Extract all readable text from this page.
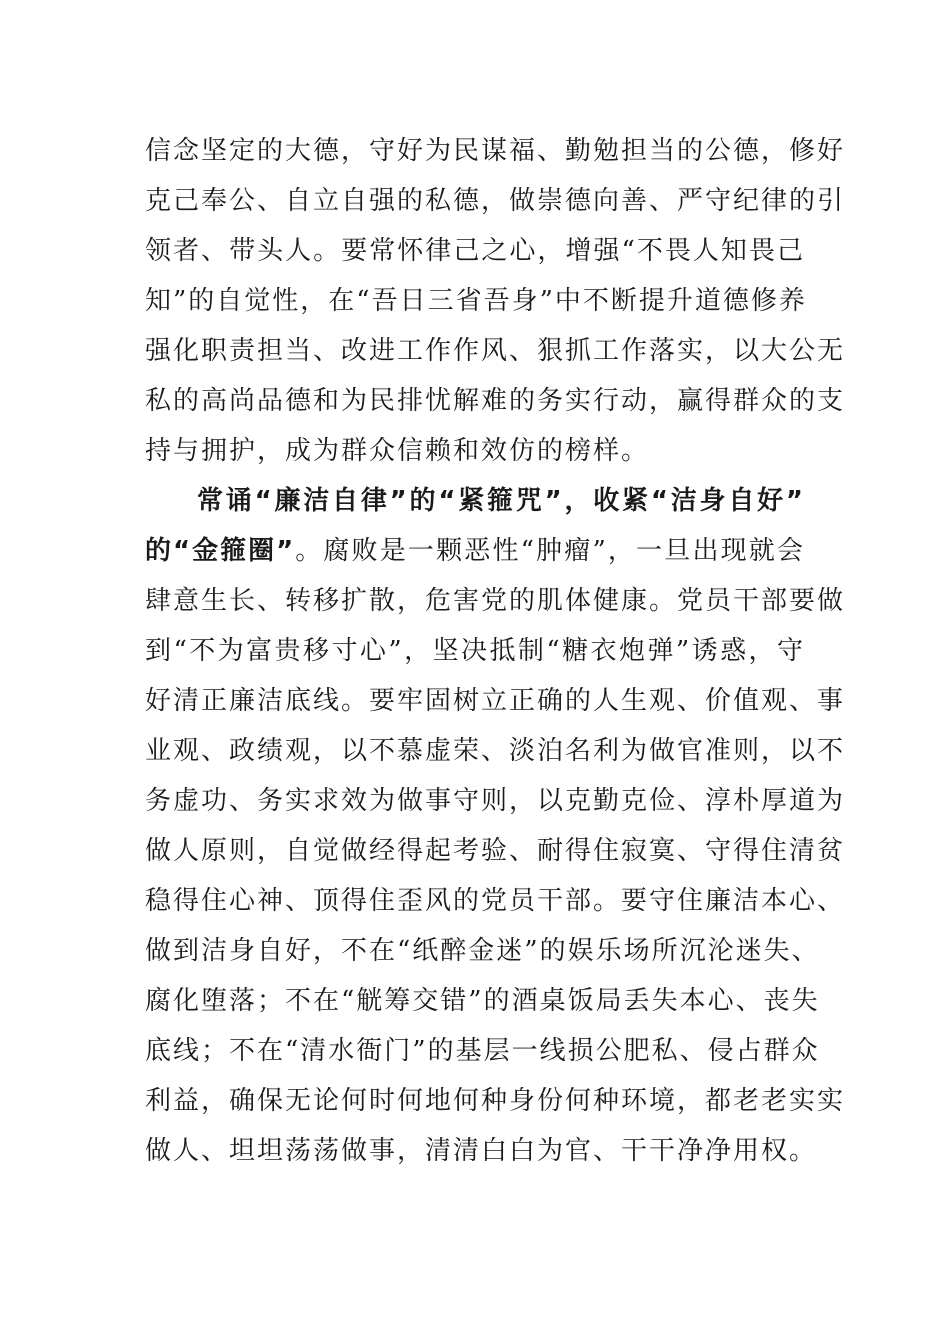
信念坚定的大德，守好为民谋福、勤勉担当的公德，修好
克己奉公、自立自强的私德，做崇德向善、严守纪律的引
领者、带头人。要常怀律己之心，增强“不畏人知畏己
知”的自觉性，在“吾日三省吾身”中不断提升道德修养
强化职责担当、改进工作作风、狠抓工作落实，以大公无
私的高尚品德和为民排忧解难的务实行动，赢得群众的支
持与拥护，成为群众信赖和效仿的榜样。
常诵“廉洁自律”的“紧箍咒”，收紧“洁身自好”
的“金箍圈” 。腐败是一颗恶性“肿瘤”，一旦出现就会
肆意生长、转移扩散，危害党的肌体健康。党员干部要做
到“不为富贵移寸心”，坚决抵制“糖衣炮弹”诱惑，守
好清正廉洁底线。要牢固树立正确的人生观、价值观、事
业观、政绩观，以不慕虚荣、淡泊名利为做官准则，以不
务虚功、务实求效为做事守则，以克勤克俭、淳朴厚道为
做人原则，自觉做经得起考验、耐得住寂寞、守得住清贫
稳得住心神、顶得住歪风的党员干部。要守住廉洁本心、
做到洁身自好，不在“纸醉金迷”的娱乐场所沉沦迷失、
腐化堕落；不在“觥筹交错”的酒桌饭局丢失本心、丧失
底线；不在“清水衙门”的基层一线损公肥私、侵占群众
利益，确保无论何时何地何种身份何种环境，都老老实实
做人、坦坦荡荡做事，清清白白为官、干干净净用权。
